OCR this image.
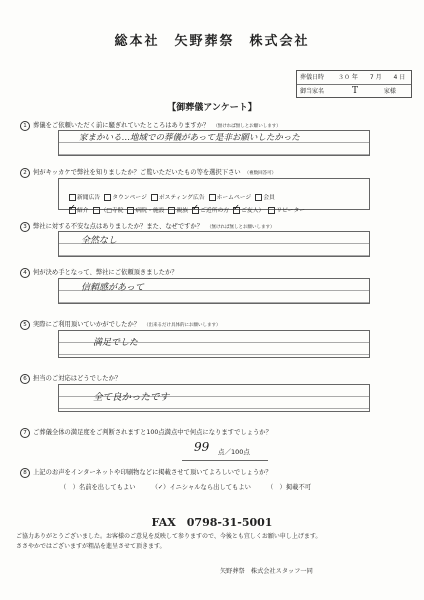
総本社　矢野葬祭　株式会社
葬儀日時 ３０ 年 7 月 4 日
御当家名	T	家様
【御葬儀アンケート】
1 葬儀をご依頼いただく前に騒ぎれていたところはありますか？ （無ければ無しとお願いします）
家まかいる…地域での葬儀があって是非お願いしたかった
2 何がキッカケで弊社を知りましたか？ご覧いただいたもの等を選択下さい （複数回答可）
新聞広告 タウンページ ポスティング広告 ホームページ 会員
✓紹介 （□寺院 病院・施設 親族 ✓ ご近所の方 ✓ ご友人） リピーター
3 弊社に対する不安な点はありましたか？また、なぜですか？ （無ければ無しとお願いします）
全然なし
4 何が決め手となって、弊社にご依頼頂きましたか？
信頼感があって
5 実際にご利用頂いていかがでしたか？ （出来るだけ具体的にお願いします）
満足でした
6 担当のご対応はどうでしたか？
全て良かったです
7 ご葬儀全体の満足度をご判断されますと100点満点中で何点になりますでしょうか？
99 点／100点
8 上記のお声をインターネットや印刷物などに掲載させて頂いてよろしいでしょうか？
（　）名前を出してもよい	（✓）イニシャルなら出してもよい	（　）掲載不可
FAX　0798-31-5001
ご協力ありがとうございました。お客様のご意見を反映して参りますので、今後とも宜しくお願い申し上げます。
ささやかではございますが粗品を進呈させて頂きます。
矢野葬祭　株式会社スタッフ一同
